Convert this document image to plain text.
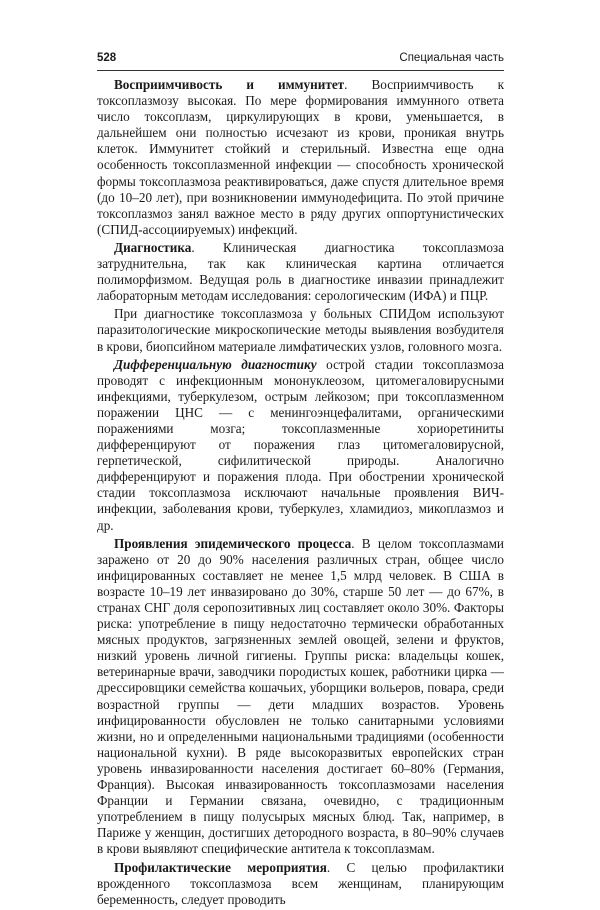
528	Специальная часть

Восприимчивость и иммунитет. Восприимчивость к токсоплазмозу высокая. По мере формирования иммунного ответа число токсоплазм, циркулирующих в крови, уменьшается, в дальнейшем они полностью исчезают из крови, проникая внутрь клеток. Иммунитет стойкий и стерильный. Известна еще одна особенность токсоплазменной инфекции — способность хронической формы токсоплазмоза реактивироваться, даже спустя длительное время (до 10–20 лет), при возникновении иммунодефицита. По этой причине токсоплазмоз занял важное место в ряду других оппортунистических (СПИД-ассоциируемых) инфекций.

Диагностика. Клиническая диагностика токсоплазмоза затруднительна, так как клиническая картина отличается полиморфизмом. Ведущая роль в диагностике инвазии принадлежит лабораторным методам исследования: серологическим (ИФА) и ПЦР.

При диагностике токсоплазмоза у больных СПИДом используют паразитологические микроскопические методы выявления возбудителя в крови, биопсийном материале лимфатических узлов, головного мозга.

Дифференциальную диагностику острой стадии токсоплазмоза проводят с инфекционным мононуклеозом, цитомегаловирусными инфекциями, туберкулезом, острым лейкозом; при токсоплазменном поражении ЦНС — с менингоэнцефалитами, органическими поражениями мозга; токсоплазменные хориоретиниты дифференцируют от поражения глаз цитомегаловирусной, герпетической, сифилитической природы. Аналогично дифференцируют и поражения плода. При обострении хронической стадии токсоплазмоза исключают начальные проявления ВИЧ-инфекции, заболевания крови, туберкулез, хламидиоз, микоплазмоз и др.

Проявления эпидемического процесса. В целом токсоплазмами заражено от 20 до 90% населения различных стран, общее число инфицированных составляет не менее 1,5 млрд человек. В США в возрасте 10–19 лет инвазировано до 30%, старше 50 лет — до 67%, в странах СНГ доля серопозитивных лиц составляет около 30%. Факторы риска: употребление в пищу недостаточно термически обработанных мясных продуктов, загрязненных землей овощей, зелени и фруктов, низкий уровень личной гигиены. Группы риска: владельцы кошек, ветеринарные врачи, заводчики породистых кошек, работники цирка — дрессировщики семейства кошачьих, уборщики вольеров, повара, среди возрастной группы — дети младших возрастов. Уровень инфицированности обусловлен не только санитарными условиями жизни, но и определенными национальными традициями (особенности национальной кухни). В ряде высокоразвитых европейских стран уровень инвазированности населения достигает 60–80% (Германия, Франция). Высокая инвазированность токсоплазмозами населения Франции и Германии связана, очевидно, с традиционным употреблением в пищу полусырых мясных блюд. Так, например, в Париже у женщин, достигших детородного возраста, в 80–90% случаев в крови выявляют специфические антитела к токсоплазмам.

Профилактические мероприятия. С целью профилактики врожденного токсоплазмоза всем женщинам, планирующим беременность, следует проводить
